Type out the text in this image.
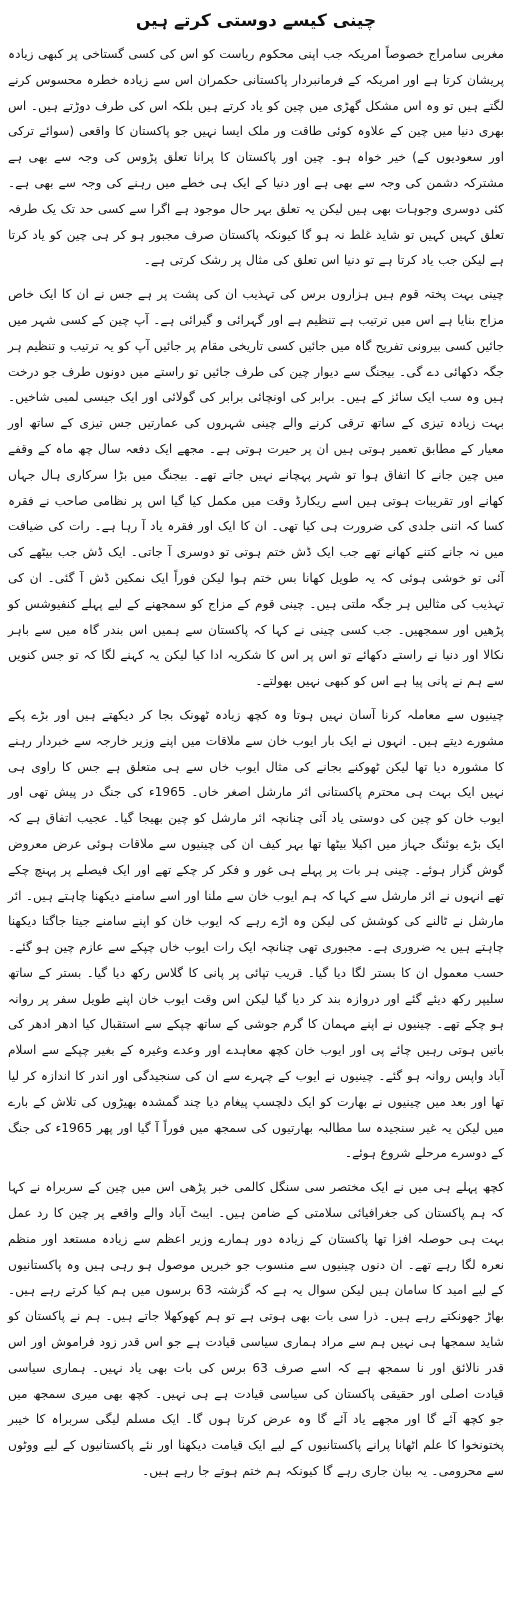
چینی کیسے دوستی کرتے ہیں

مغربی سامراج خصوصاً امریکہ جب اپنی محکوم ریاست کو اس کی کسی گستاخی پر کبھی زیادہ پریشان کرتا ہے اور امریکہ کے فرمانبردار پاکستانی حکمران اس سے زیادہ خطرہ محسوس کرنے لگتے ہیں تو وہ اس مشکل گھڑی میں چین کو یاد کرتے ہیں بلکہ اس کی طرف دوڑتے ہیں۔ اس بھری دنیا میں چین کے علاوہ کوئی طاقت ور ملک ایسا نہیں جو پاکستان کا واقعی (سوائے ترکی اور سعودیوں کے) خیر خواہ ہو۔ چین اور پاکستان کا پرانا تعلق پڑوس کی وجہ سے بھی ہے مشترکہ دشمن کی وجہ سے بھی ہے اور دنیا کے ایک ہی خطے میں رہنے کی وجہ سے بھی ہے۔ کئی دوسری وجوہات بھی ہیں لیکن یہ تعلق بہر حال موجود ہے اگرا سے کسی حد تک یک طرفہ تعلق کہیں کہیں تو شاید غلط نہ ہو گا کیونکہ پاکستان صرف مجبور ہو کر ہی چین کو یاد کرتا ہے لیکن جب یاد کرتا ہے تو دنیا اس تعلق کی مثال پر رشک کرتی ہے۔

چینی بہت پختہ قوم ہیں ہزاروں برس کی تہذیب ان کی پشت پر ہے جس نے ان کا ایک خاص مزاج بنایا ہے اس میں ترتیب ہے تنظیم ہے اور گہرائی و گیرائی ہے۔ آپ چین کے کسی شہر میں جائیں کسی بیرونی تفریح گاہ میں جائیں کسی تاریخی مقام پر جائیں آپ کو یہ ترتیب و تنظیم ہر جگہ دکھائی دے گی۔ بیجنگ سے دیوار چین کی طرف جائیں تو راستے میں دونوں طرف جو درخت ہیں وہ سب ایک سائز کے ہیں۔ برابر کی اونچائی برابر کی گولائی اور ایک جیسی لمبی شاخیں۔ بہت زیادہ تیزی کے ساتھ ترقی کرنے والے چینی شہروں کی عمارتیں جس تیزی کے ساتھ اور معیار کے مطابق تعمیر ہوتی ہیں ان پر حیرت ہوتی ہے۔ مجھے ایک دفعہ سال چھ ماہ کے وقفے میں چین جانے کا اتفاق ہوا تو شہر پہچانے نہیں جاتے تھے۔ بیجنگ میں بڑا سرکاری ہال جہاں کھانے اور تقریبات ہوتی ہیں اسے ریکارڈ وقت میں مکمل کیا گیا اس پر نظامی صاحب نے فقرہ کسا کہ اتنی جلدی کی ضرورت ہی کیا تھی۔ ان کا ایک اور فقرہ یاد آ رہا ہے۔ رات کی ضیافت میں نہ جانے کتنے کھانے تھے جب ایک ڈش ختم ہوتی تو دوسری آ جاتی۔ ایک ڈش جب بیٹھے کی آئی تو خوشی ہوئی کہ یہ طویل کھانا بس ختم ہوا لیکن فوراً ایک نمکین ڈش آ گئی۔ ان کی تہذیب کی مثالیں ہر جگہ ملتی ہیں۔ چینی قوم کے مزاج کو سمجھنے کے لیے پہلے کنفیوشس کو پڑھیں اور سمجھیں۔ جب کسی چینی نے کہا کہ پاکستان سے ہمیں اس بندر گاہ میں سے باہر نکالا اور دنیا نے راستے دکھائے تو اس پر اس کا شکریہ ادا کیا لیکن یہ کہنے لگا کہ تو جس کنویں سے ہم نے پانی پیا ہے اس کو کبھی نہیں بھولتے۔

چینیوں سے معاملہ کرنا آسان نہیں ہوتا وہ کچھ زیادہ ٹھونک بجا کر دیکھتے ہیں اور بڑے پکے مشورے دیتے ہیں۔ انہوں نے ایک بار ایوب خان سے ملاقات میں اپنے وزیر خارجہ سے خبردار رہنے کا مشورہ دیا تھا لیکن ٹھوکنے بجانے کی مثال ایوب خاں سے ہی متعلق ہے جس کا راوی ہی نہیں ایک بہت ہی محترم پاکستانی ائر مارشل اصغر خاں۔ 1965ء کی جنگ در پیش تھی اور ایوب خان کو چین کی دوستی یاد آئی چنانچہ ائر مارشل کو چین بھیجا گیا۔ عجیب اتفاق ہے کہ ایک بڑے بوئنگ جہاز میں اکیلا بیٹھا تھا بہر کیف ان کی چینیوں سے ملاقات ہوئی عرض معروض گوش گزار ہوئے۔ چینی ہر بات پر پہلے ہی غور و فکر کر چکے تھے اور ایک فیصلے پر پہنچ چکے تھے انہوں نے ائر مارشل سے کہا کہ ہم ایوب خان سے ملنا اور اسے سامنے دیکھنا چاہتے ہیں۔ ائر مارشل نے ٹالنے کی کوشش کی لیکن وہ اڑے رہے کہ ایوب خان کو اپنے سامنے جیتا جاگتا دیکھنا چاہتے ہیں یہ ضروری ہے۔ مجبوری تھی چنانچہ ایک رات ایوب خاں چپکے سے عازم چین ہو گئے۔ حسب معمول ان کا بستر لگا دیا گیا۔ قریب تپائی پر پانی کا گلاس رکھ دیا گیا۔ بستر کے ساتھ سلیپر رکھ دیئے گئے اور دروازہ بند کر دیا گیا لیکن اس وقت ایوب خان اپنے طویل سفر پر روانہ ہو چکے تھے۔ چینیوں نے اپنے مہمان کا گرم جوشی کے ساتھ چپکے سے استقبال کیا ادھر ادھر کی باتیں ہوتی رہیں چائے پی اور ایوب خان کچھ معاہدے اور وعدے وغیرہ کے بغیر چپکے سے اسلام آباد واپس روانہ ہو گئے۔ چینیوں نے ایوب کے چہرے سے ان کی سنجیدگی اور اندر کا اندازہ کر لیا تھا اور بعد میں چینیوں نے بھارت کو ایک دلچسپ پیغام دیا چند گمشدہ بھیڑوں کی تلاش کے بارے میں لیکن یہ غیر سنجیدہ سا مطالبہ بھارتیوں کی سمجھ میں فوراً آ گیا اور پھر 1965ء کی جنگ کے دوسرے مرحلے شروع ہوئے۔

کچھ پہلے ہی میں نے ایک مختصر سی سنگل کالمی خبر پڑھی اس میں چین کے سربراہ نے کہا کہ ہم پاکستان کی جغرافیائی سلامتی کے ضامن ہیں۔ ایبٹ آباد والے واقعے پر چین کا رد عمل بہت ہی حوصلہ افزا تھا پاکستان کے زیادہ دور ہمارے وزیر اعظم سے زیادہ مستعد اور منظم نعرہ لگا رہے تھے۔ ان دنوں چینیوں سے منسوب جو خبریں موصول ہو رہی ہیں وہ پاکستانیوں کے لیے امید کا سامان ہیں لیکن سوال یہ ہے کہ گزشتہ 63 برسوں میں ہم کیا کرتے رہے ہیں۔ بھاڑ جھونکتے رہے ہیں۔ ذرا سی بات بھی ہوتی ہے تو ہم کھوکھلا جاتے ہیں۔ ہم نے پاکستان کو شاید سمجھا ہی نہیں ہم سے مراد ہماری سیاسی قیادت ہے جو اس قدر زود فراموش اور اس قدر نالائق اور نا سمجھ ہے کہ اسے صرف 63 برس کی بات بھی یاد نہیں۔ ہماری سیاسی قیادت اصلی اور حقیقی پاکستان کی سیاسی قیادت ہے ہی نہیں۔ کچھ بھی میری سمجھ میں جو کچھ آئے گا اور مجھے یاد آئے گا وہ عرض کرتا ہوں گا۔ ایک مسلم لیگی سربراہ کا خیبر پختونخوا کا علم اٹھانا پرانے پاکستانیوں کے لیے ایک قیامت دیکھنا اور نئے پاکستانیوں کے لیے ووٹوں سے محرومی۔ یہ بیان جاری رہے گا کیونکہ ہم ختم ہوتے جا رہے ہیں۔
